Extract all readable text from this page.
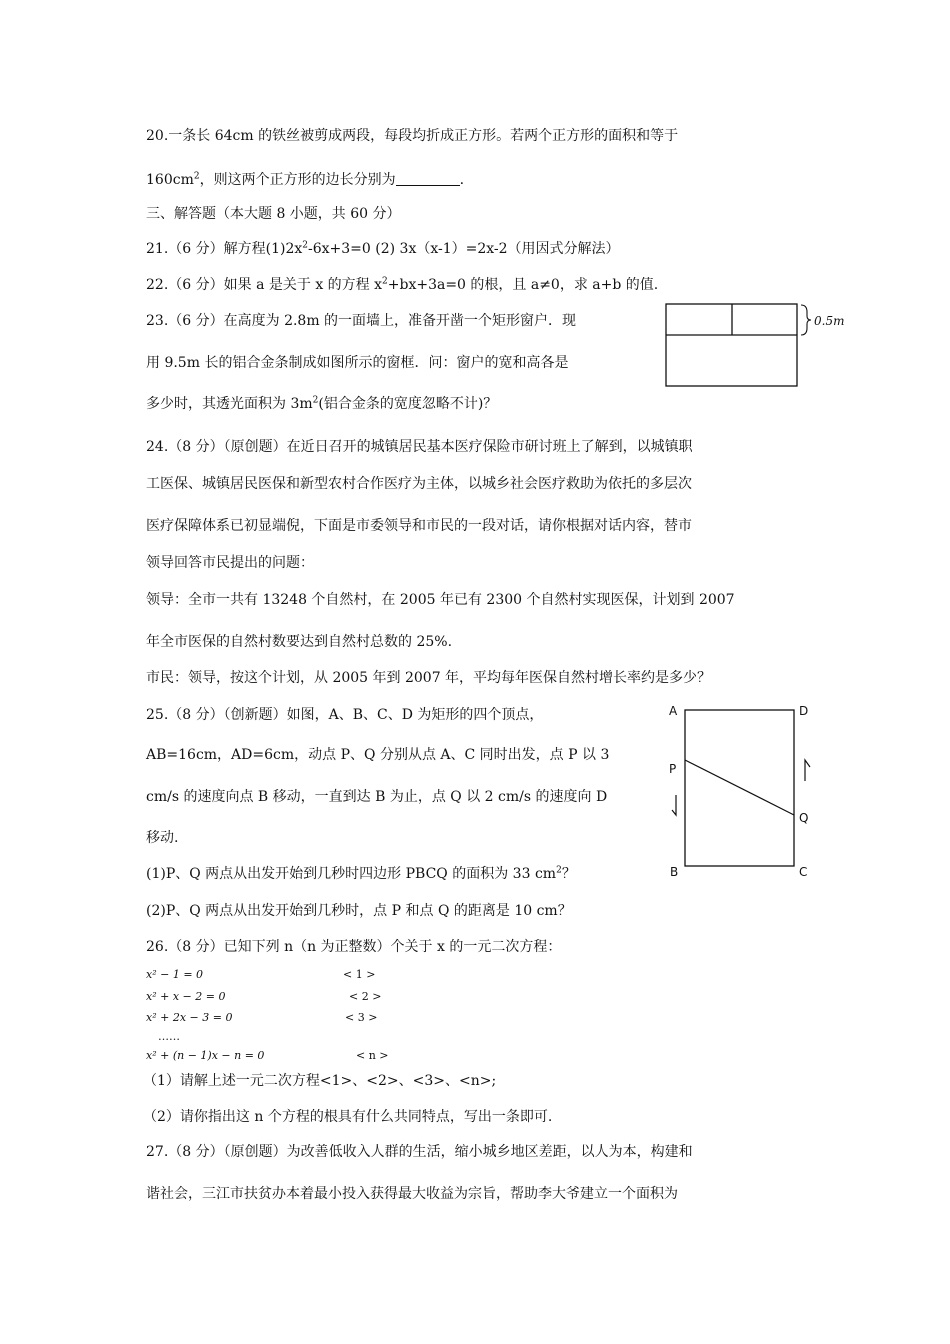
20.一条长 64cm 的铁丝被剪成两段，每段均折成正方形。若两个正方形的面积和等于
$160cm^2$，则这两个正方形的边长分别为	.
三、解答题（本大题 8 小题，共 60 分）
21.（6 分）解方程$(1)2x^2-6x+3=0$ (2) 3x（x-1）=2x-2（用因式分解法）
22.（6 分）如果 a 是关于 x 的方程 $x^2+bx+3a=0$ 的根，且 a≠0，求 a+b 的值.
23.（6 分）在高度为 2.8m 的一面墙上，准备开凿一个矩形窗户．现
用 9.5m 长的铝合金条制成如图所示的窗框．问：窗户的宽和高各是
多少时，其透光面积为 $3m^2$(铝合金条的宽度忽略不计)？
0.5m
24.（8 分）（原创题）在近日召开的城镇居民基本医疗保险市研讨班上了解到，以城镇职
工医保、城镇居民医保和新型农村合作医疗为主体，以城乡社会医疗救助为依托的多层次
医疗保障体系已初显端倪，下面是市委领导和市民的一段对话，请你根据对话内容，替市
领导回答市民提出的问题：
领导：全市一共有 13248 个自然村，在 2005 年已有 2300 个自然村实现医保，计划到 2007
年全市医保的自然村数要达到自然村总数的 25%.
市民：领导，按这个计划，从 2005 年到 2007 年，平均每年医保自然村增长率约是多少？
25.（8 分）（创新题）如图，A、B、C、D 为矩形的四个顶点，
AB=16cm，AD=6cm，动点 P、Q 分别从点 A、C 同时出发，点 P 以 3
cm/s 的速度向点 B 移动，一直到达 B 为止，点 Q 以 2 cm/s 的速度向 D
移动.
(1)P、Q 两点从出发开始到几秒时四边形 PBCQ 的面积为 33 $cm^2$？
(2)P、Q 两点从出发开始到几秒时，点 P 和点 Q 的距离是 10 cm？
A	D
P
Q
B	C
26.（8 分）已知下列 n（n 为正整数）个关于 x 的一元二次方程：
x² − 1 = 0	< 1 >
x² + x − 2 = 0	< 2 >
x² + 2x − 3 = 0	< 3 >
……
x² + (n − 1)x − n = 0	< n >
（1）请解上述一元二次方程<1>、<2>、<3>、<n>;
（2）请你指出这 n 个方程的根具有什么共同特点，写出一条即可.
27.（8 分）（原创题）为改善低收入人群的生活，缩小城乡地区差距，以人为本，构建和
谐社会，三江市扶贫办本着最小投入获得最大收益为宗旨，帮助李大爷建立一个面积为
